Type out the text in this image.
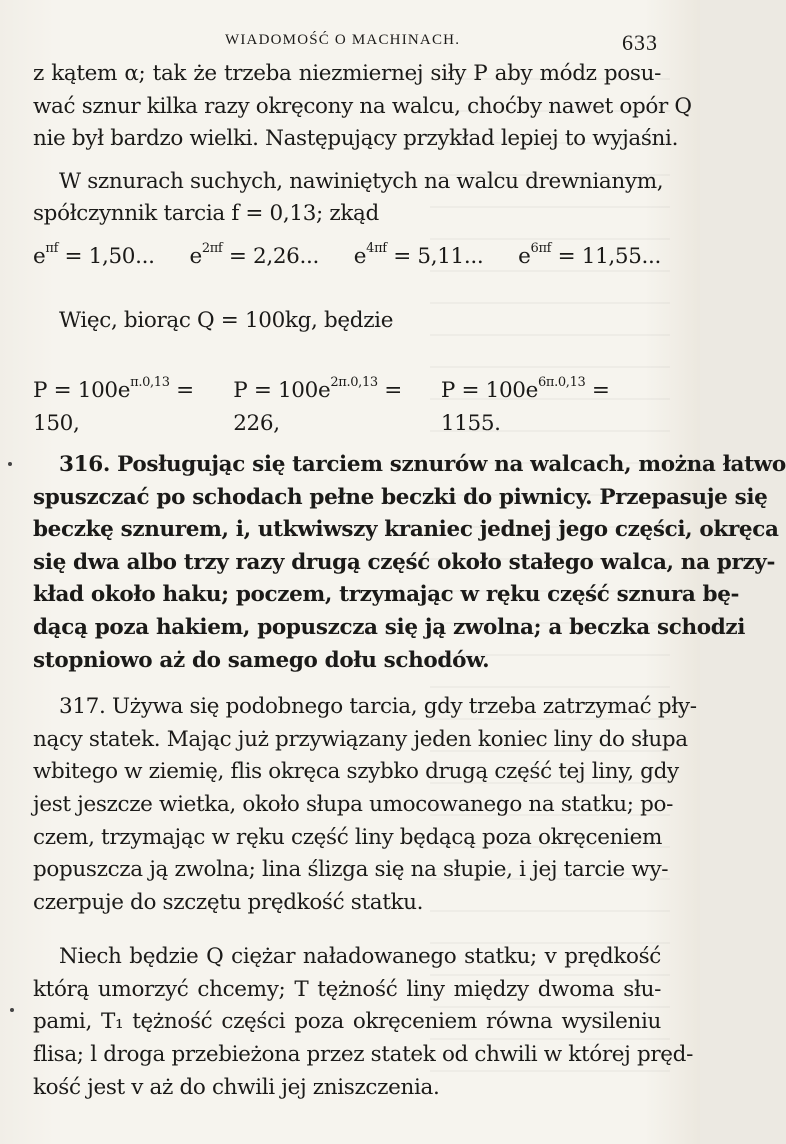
WIADOMOŚĆ O MACHINACH.	633

z kątem α; tak że trzeba niezmiernej siły P aby módz posu-
wać sznur kilka razy okręcony na walcu, choćby nawet opór Q
nie był bardzo wielki. Następujący przykład lepiej to wyjaśni.

W sznurach suchych, nawiniętych na walcu drewnianym,
spółczynnik tarcia f = 0,13; zkąd

$e^{\pi f} = 1,50$... $e^{2\pi f} = 2,26$... $e^{4\pi f} = 5,11$... $e^{6\pi f} = 11,55$...
Więc, biorąc Q = 100kg, będzie
$P = 100e^{\pi.0,13} = 150$,
$P = 100e^{2\pi.0,13} = 226$,
$P = 100e^{6\pi.0,13} = 1155$.

316. Posługując się tarciem sznurów na walcach, można łatwo
spuszczać po schodach pełne beczki do piwnicy. Przepasuje się
beczkę sznurem, i, utkwiwszy kraniec jednej jego części, okręca
się dwa albo trzy razy drugą część około stałego walca, na przy-
kład około haku; poczem, trzymając w ręku część sznura bę-
dącą poza hakiem, popuszcza się ją zwolna; a beczka schodzi
stopniowo aż do samego dołu schodów.

317. Używa się podobnego tarcia, gdy trzeba zatrzymać pły-
nący statek. Mając już przywiązany jeden koniec liny do słupa
wbitego w ziemię, flis okręca szybko drugą część tej liny, gdy
jest jeszcze wietka, około słupa umocowanego na statku; po-
czem, trzymając w ręku część liny będącą poza okręceniem
popuszcza ją zwolna; lina ślizga się na słupie, i jej tarcie wy-
czerpuje do szczętu prędkość statku.

Niech będzie Q ciężar naładowanego statku; v prędkość
którą umorzyć chcemy; T tężność liny między dwoma słu-
pami, T₁ tężność części poza okręceniem równa wysileniu
flisa; l droga przebieżona przez statek od chwili w której pręd-
kość jest v aż do chwili jej zniszczenia.
